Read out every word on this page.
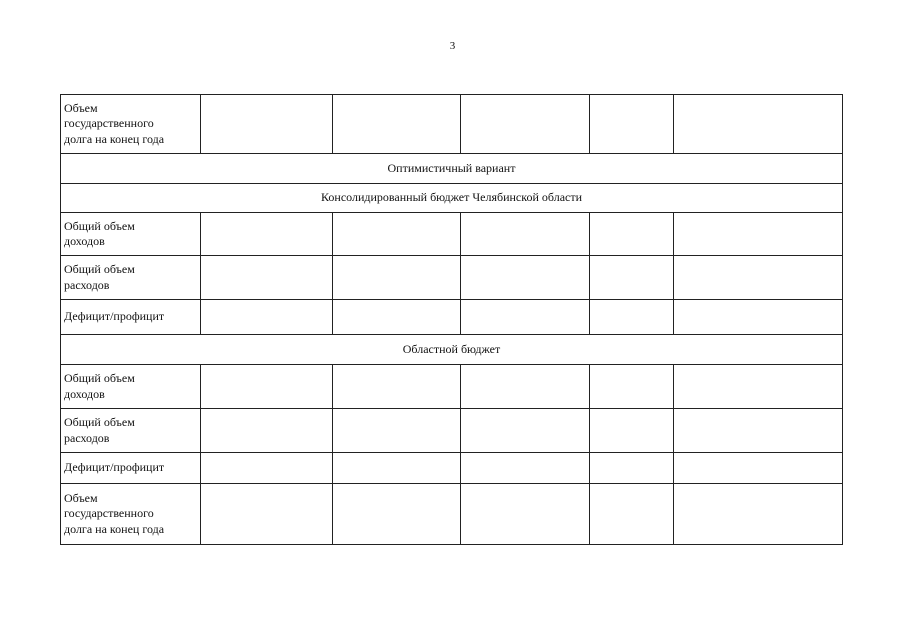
3
Объем
государственного
долга на конец года					

Оптимистичный вариант					
Консолидированный бюджет Челябинской области					

Общий объем
доходов					

Общий объем
расходов					

Дефицит/профицит					

Областной бюджет					

Общий объем
доходов					

Общий объем
расходов					

Дефицит/профицит					

Объем
государственного
долга на конец года					
